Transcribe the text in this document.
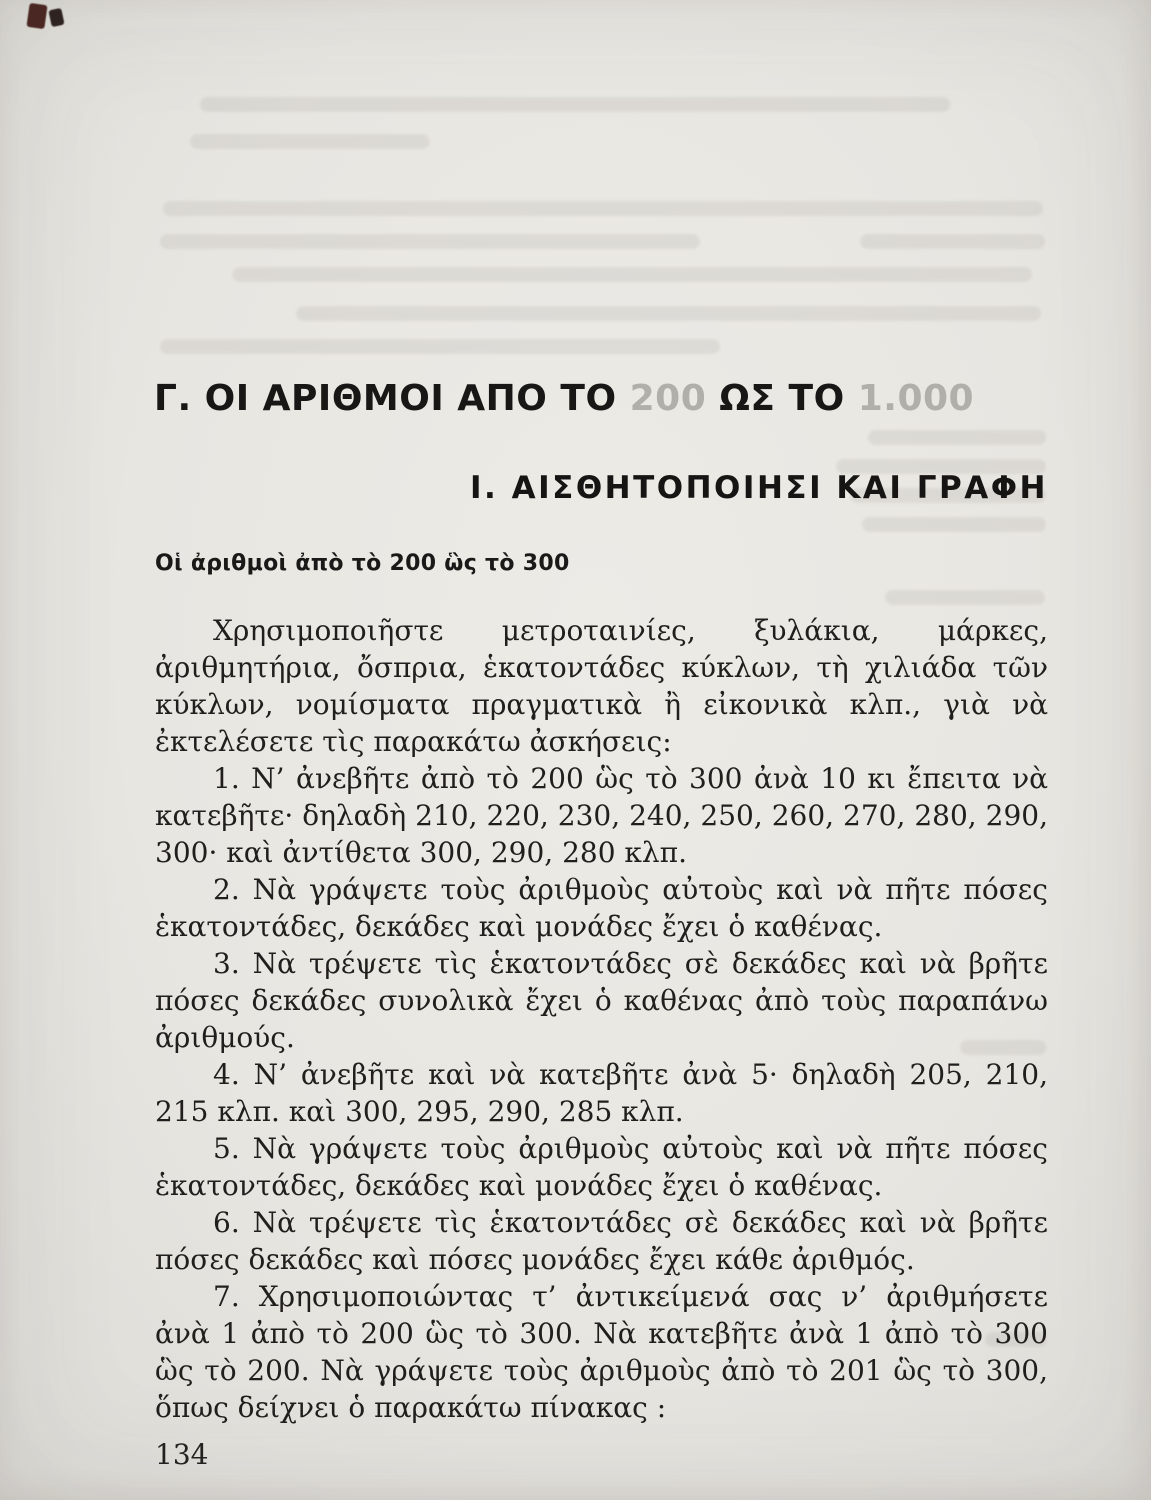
Γ. ΟΙ ΑΡΙΘΜΟΙ ΑΠΟ ΤΟ 200 ΩΣ ΤΟ 1.000
Ι. ΑΙΣΘΗΤΟΠΟΙΗΣΙ ΚΑΙ ΓΡΑΦΗ
Οἱ ἀριθμοὶ ἀπὸ τὸ 200 ὣς τὸ 300

Χρησιμοποιῆστε μετροταινίες, ξυλάκια, μάρκες, ἀριθμητήρια, ὄσπρια, ἑκατοντάδες κύκλων, τὴ χιλιάδα τῶν κύκλων, νομίσματα πραγματικὰ ἢ εἰκονικὰ κλπ., γιὰ νὰ ἐκτελέσετε τὶς παρακάτω ἀσκήσεις:

1. Ν’ ἀνεβῆτε ἀπὸ τὸ 200 ὣς τὸ 300 ἀνὰ 10 κι ἔπειτα νὰ κατεβῆτε· δηλαδὴ 210, 220, 230, 240, 250, 260, 270, 280, 290, 300· καὶ ἀντίθετα 300, 290, 280 κλπ.

2. Νὰ γράψετε τοὺς ἀριθμοὺς αὐτοὺς καὶ νὰ πῆτε πόσες ἑκατοντάδες, δεκάδες καὶ μονάδες ἔχει ὁ καθένας.

3. Νὰ τρέψετε τὶς ἑκατοντάδες σὲ δεκάδες καὶ νὰ βρῆτε πόσες δεκάδες συνολικὰ ἔχει ὁ καθένας ἀπὸ τοὺς παραπάνω ἀριθμούς.

4. Ν’ ἀνεβῆτε καὶ νὰ κατεβῆτε ἀνὰ 5· δηλαδὴ 205, 210, 215 κλπ. καὶ 300, 295, 290, 285 κλπ.

5. Νὰ γράψετε τοὺς ἀριθμοὺς αὐτοὺς καὶ νὰ πῆτε πόσες ἑκατοντάδες, δεκάδες καὶ μονάδες ἔχει ὁ καθένας.

6. Νὰ τρέψετε τὶς ἑκατοντάδες σὲ δεκάδες καὶ νὰ βρῆτε πόσες δεκάδες καὶ πόσες μονάδες ἔχει κάθε ἀριθμός.

7. Χρησιμοποιώντας τ’ ἀντικείμενά σας ν’ ἀριθμήσετε ἀνὰ 1 ἀπὸ τὸ 200 ὣς τὸ 300. Νὰ κατεβῆτε ἀνὰ 1 ἀπὸ τὸ 300 ὣς τὸ 200. Νὰ γράψετε τοὺς ἀριθμοὺς ἀπὸ τὸ 201 ὣς τὸ 300, ὅπως δείχνει ὁ παρακάτω πίνακας :

134
